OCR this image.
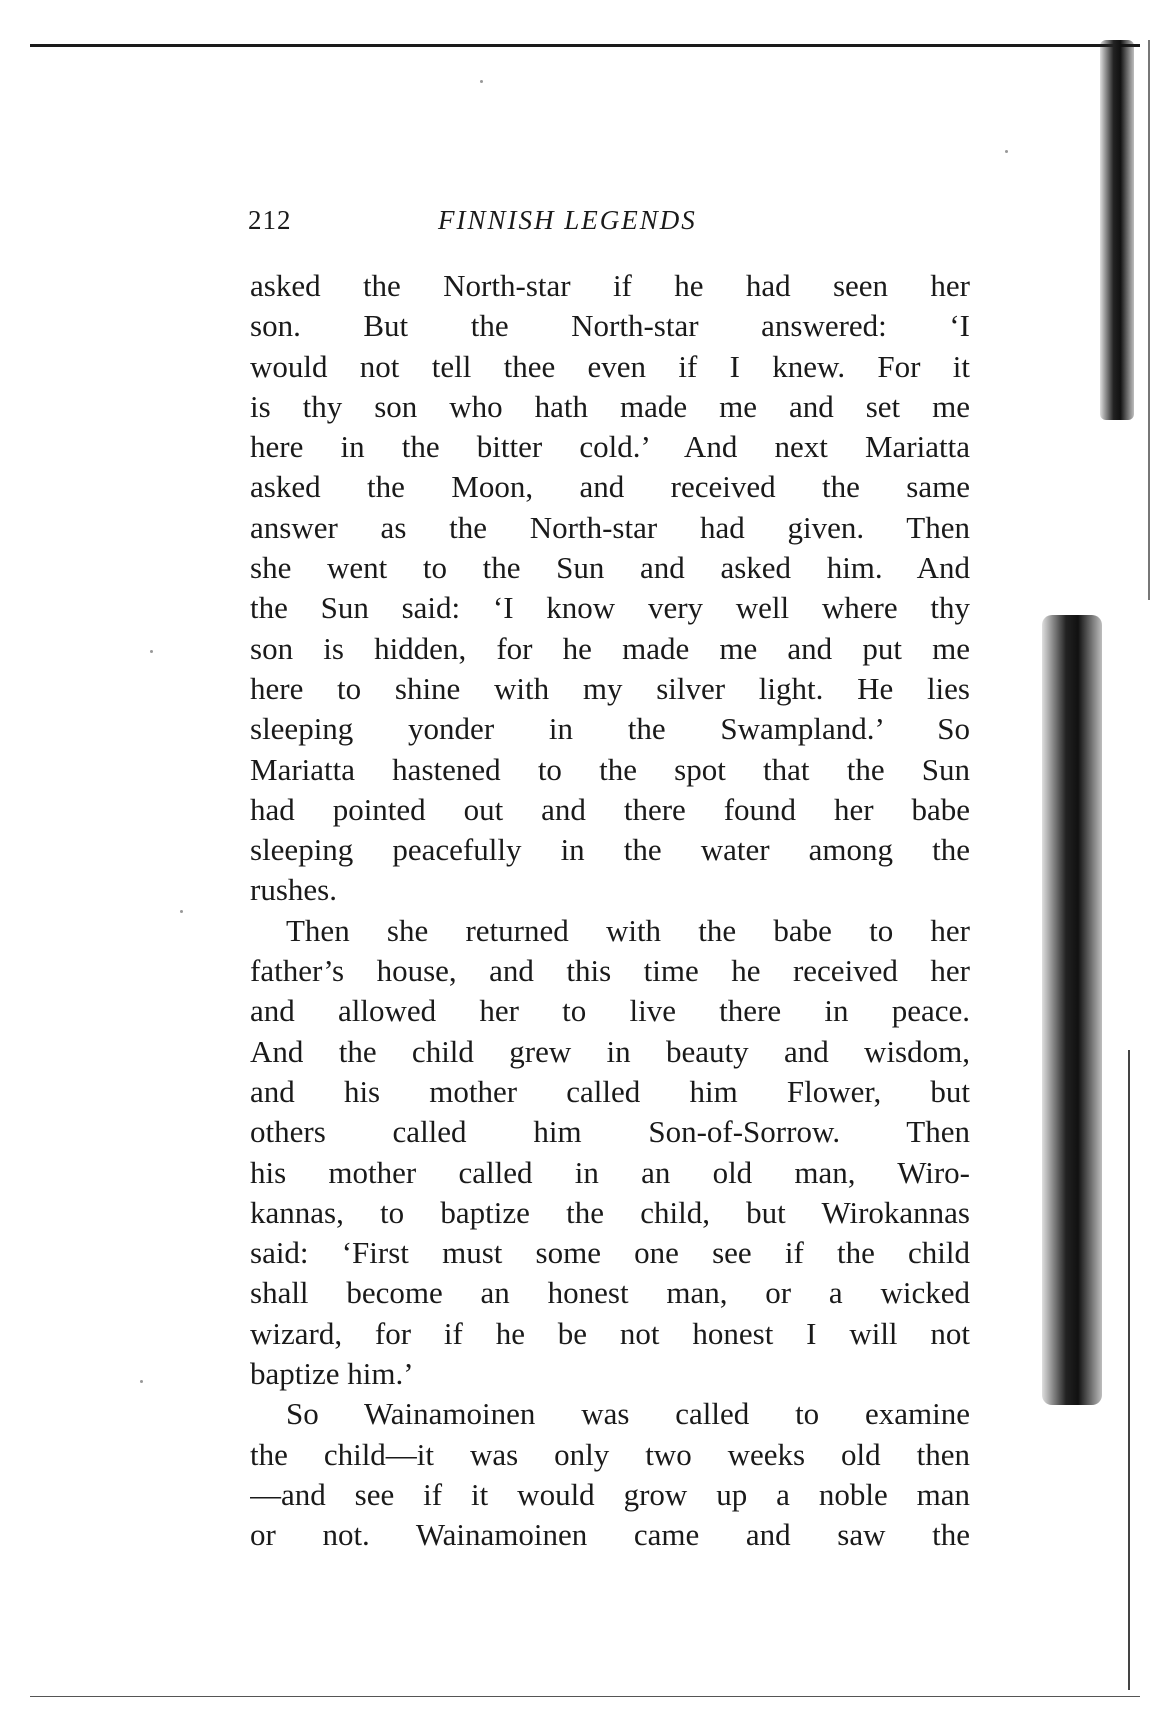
212	FINNISH LEGENDS
asked the North-star if he had seen her
son. But the North-star answered: ‘I
would not tell thee even if I knew. For it
is thy son who hath made me and set me
here in the bitter cold.’ And next Mariatta
asked the Moon, and received the same
answer as the North-star had given. Then
she went to the Sun and asked him. And
the Sun said: ‘I know very well where thy
son is hidden, for he made me and put me
here to shine with my silver light. He lies
sleeping yonder in the Swampland.’ So
Mariatta hastened to the spot that the Sun
had pointed out and there found her babe
sleeping peacefully in the water among the
rushes.
Then she returned with the babe to her
father’s house, and this time he received her
and allowed her to live there in peace.
And the child grew in beauty and wisdom,
and his mother called him Flower, but
others called him Son-of-Sorrow. Then
his mother called in an old man, Wiro-
kannas, to baptize the child, but Wirokannas
said: ‘First must some one see if the child
shall become an honest man, or a wicked
wizard, for if he be not honest I will not
baptize him.’
So Wainamoinen was called to examine
the child—it was only two weeks old then
—and see if it would grow up a noble man
or not. Wainamoinen came and saw the
